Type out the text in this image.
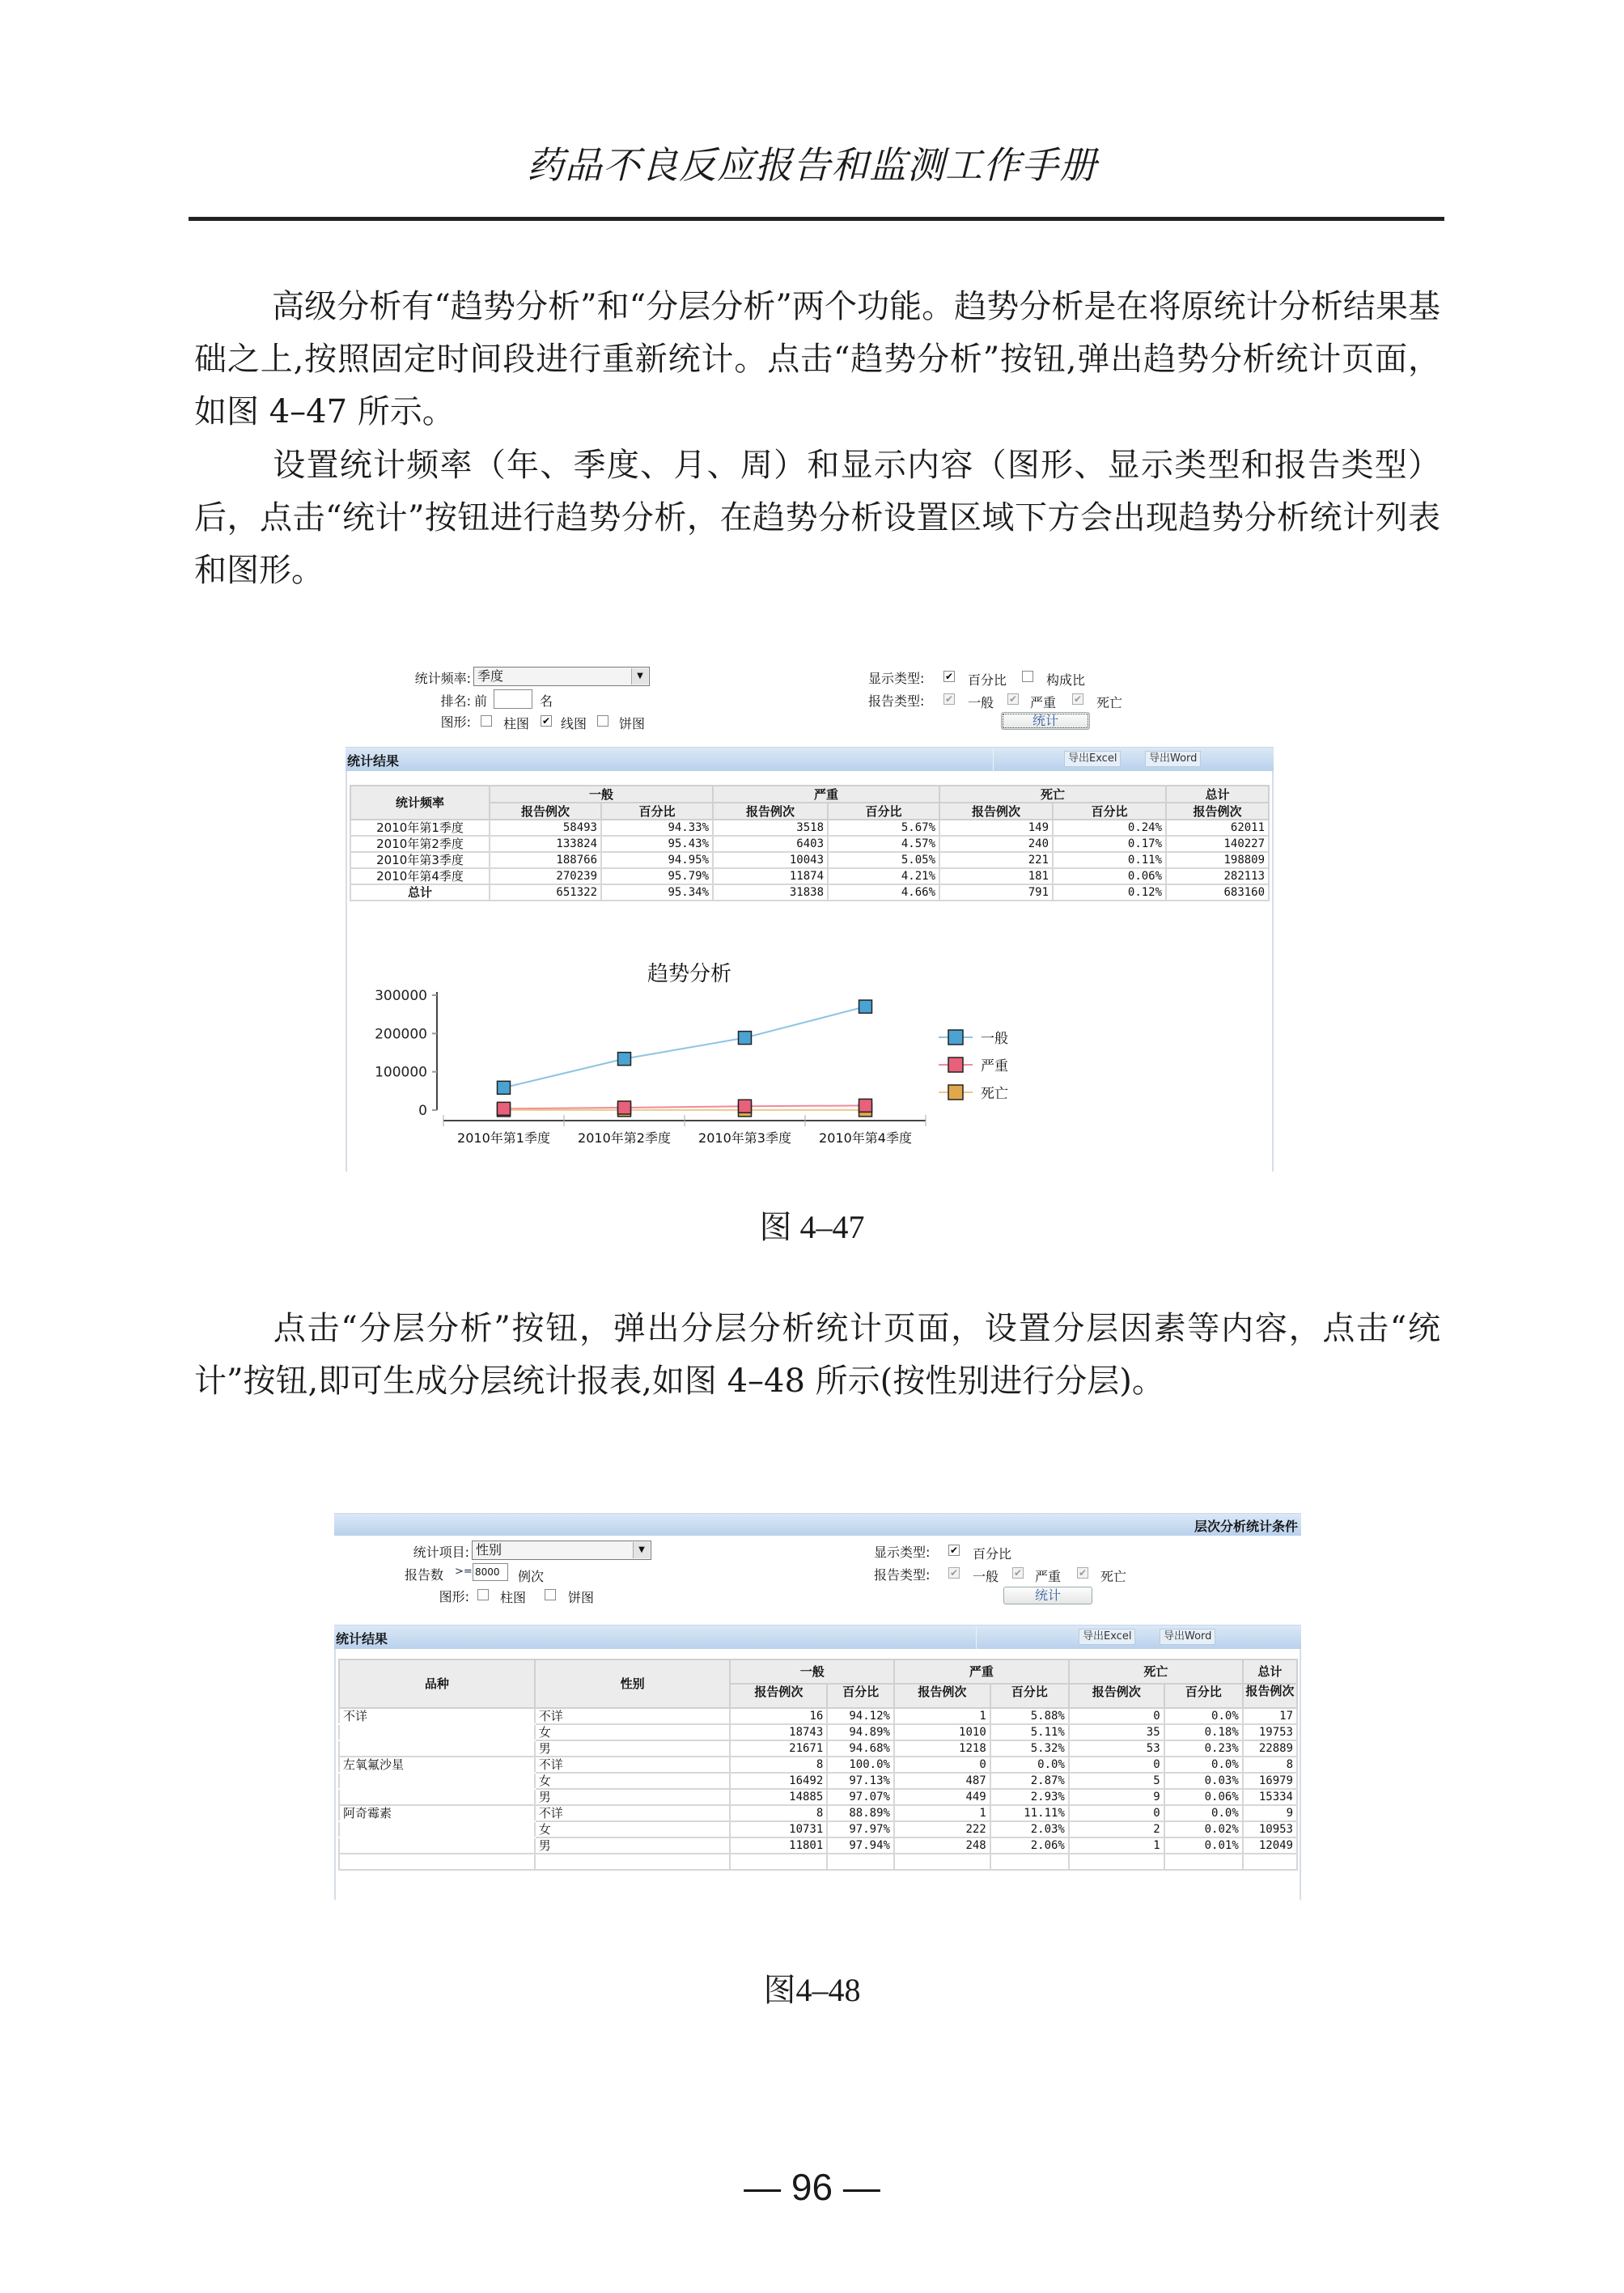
药品不良反应报告和监测工作手册

高级分析有“趋势分析”和“分层分析”两个功能。趋势分析是在将原统计分析结果基础之上,按照固定时间段进行重新统计。点击“趋势分析”按钮,弹出趋势分析统计页面，如图 4–47 所示。

设置统计频率（年、季度、月、周）和显示内容（图形、显示类型和报告类型）后，点击“统计”按钮进行趋势分析，在趋势分析设置区域下方会出现趋势分析统计列表和图形。

统计频率: 季度	▼
排名: 前	名
图形:	柱图 ✔ 线图 饼图
显示类型: ✔ 百分比	构成比
报告类型: ✔ 一般 ✔ 严重 ✔ 死亡
统计
统计结果	导出Excel	导出Word
统计频率	一般		严重		死亡		总计
	报告例次	百分比	报告例次	百分比	报告例次	百分比	报告例次
2010年第1季度	58493	94.33%	3518	5.67%	149	0.24%	62011
2010年第2季度	133824	95.43%	6403	4.57%	240	0.17%	140227
2010年第3季度	188766	94.95%	10043	5.05%	221	0.11%	198809
2010年第4季度	270239	95.79%	11874	4.21%	181	0.06%	282113
总计	651322	95.34%	31838	4.66%	791	0.12%	683160
趋势分析
0
100000
200000
300000
2010年第1季度 2010年第2季度 2010年第3季度 2010年第4季度
一般
严重
死亡
图 4–47

点击“分层分析”按钮，弹出分层分析统计页面，设置分层因素等内容，点击“统计”按钮,即可生成分层统计报表,如图 4–48 所示(按性别进行分层)。

层次分析统计条件
统计项目: 性别	▼
报告数 >= 8000	例次
图形: 柱图	饼图
显示类型: ✔ 百分比
报告类型: ✔ 一般 ✔ 严重 ✔ 死亡
统计
统计结果	导出Excel	导出Word
品种	性别	一般		严重		死亡		总计
		报告例次	百分比	报告例次	百分比	报告例次	百分比	报告例次
不详	不详	16	94.12%	1	5.88%	0	0.0%	17
	女	18743	94.89%	1010	5.11%	35	0.18%	19753
	男	21671	94.68%	1218	5.32%	53	0.23%	22889
左氧氟沙星	不详	8	100.0%	0	0.0%	0	0.0%	8
	女	16492	97.13%	487	2.87%	5	0.03%	16979
	男	14885	97.07%	449	2.93%	9	0.06%	15334
阿奇霉素	不详	8	88.89%	1	11.11%	0	0.0%	9
	女	10731	97.97%	222	2.03%	2	0.02%	10953
	男	11801	97.94%	248	2.06%	1	0.01%	12049

图4–48
— 96 —
